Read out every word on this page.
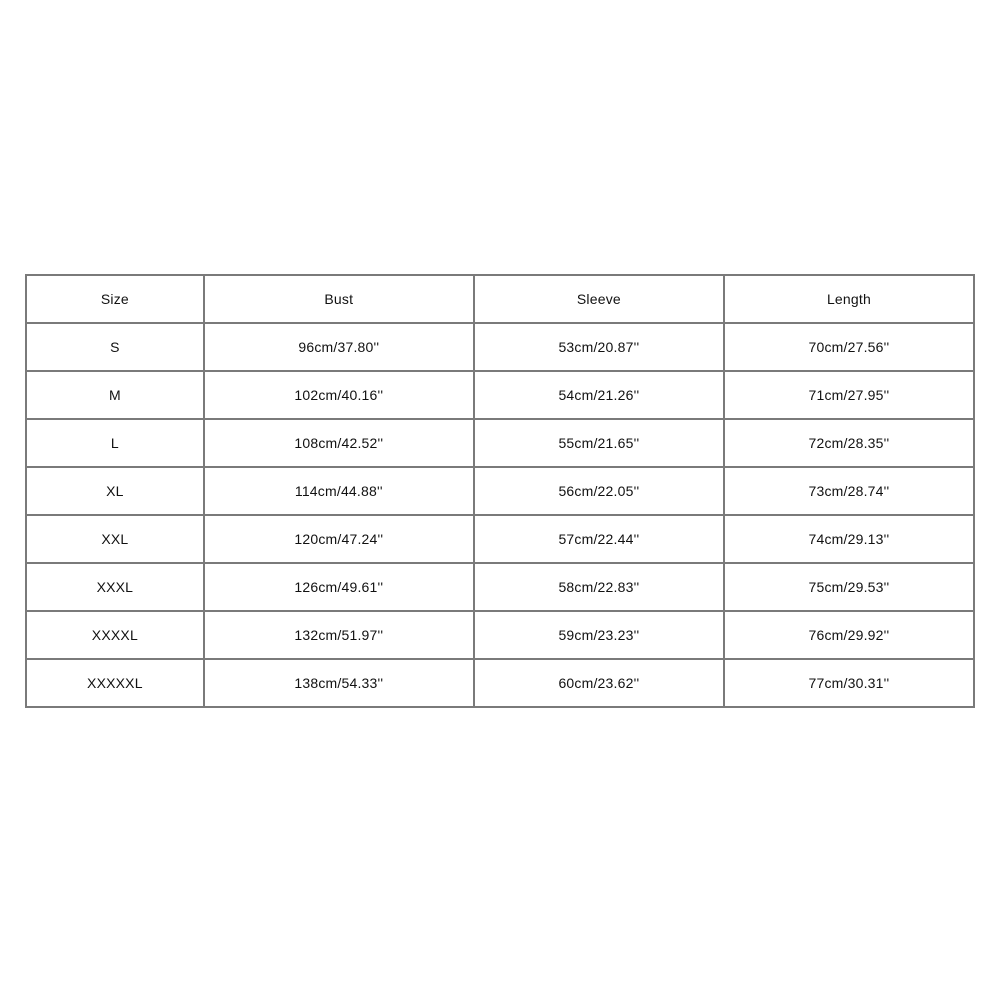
Size	Bust	Sleeve	Length
S	96cm/37.80''	53cm/20.87''	70cm/27.56''
M	102cm/40.16''	54cm/21.26''	71cm/27.95''
L	108cm/42.52''	55cm/21.65''	72cm/28.35''
XL	114cm/44.88''	56cm/22.05''	73cm/28.74''
XXL	120cm/47.24''	57cm/22.44''	74cm/29.13''
XXXL	126cm/49.61''	58cm/22.83''	75cm/29.53''
XXXXL	132cm/51.97''	59cm/23.23''	76cm/29.92''
XXXXXL	138cm/54.33''	60cm/23.62''	77cm/30.31''
